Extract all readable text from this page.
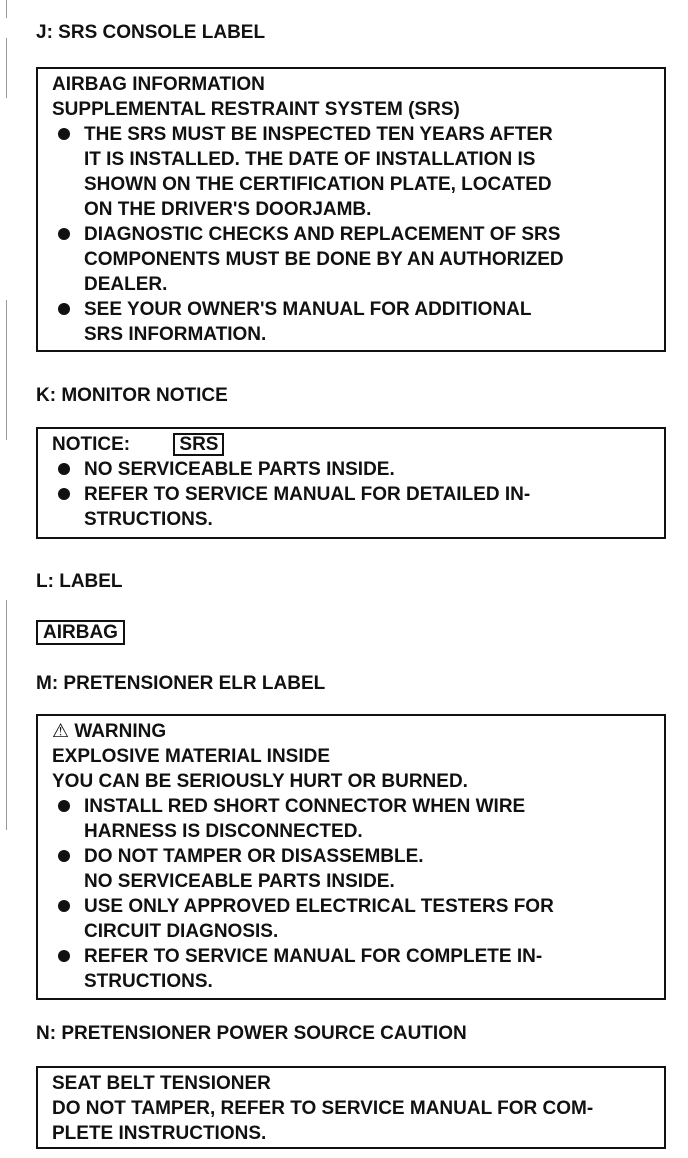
J: SRS CONSOLE LABEL
AIRBAG INFORMATION
SUPPLEMENTAL RESTRAINT SYSTEM (SRS)
THE SRS MUST BE INSPECTED TEN YEARS AFTER
IT IS INSTALLED. THE DATE OF INSTALLATION IS
SHOWN ON THE CERTIFICATION PLATE, LOCATED
ON THE DRIVER'S DOORJAMB.
DIAGNOSTIC CHECKS AND REPLACEMENT OF SRS
COMPONENTS MUST BE DONE BY AN AUTHORIZED
DEALER.
SEE YOUR OWNER'S MANUAL FOR ADDITIONAL
SRS INFORMATION.
K: MONITOR NOTICE
NOTICE:	SRS
NO SERVICEABLE PARTS INSIDE.
REFER TO SERVICE MANUAL FOR DETAILED IN-
STRUCTIONS.
L: LABEL
AIRBAG
M: PRETENSIONER ELR LABEL
⚠ WARNING
EXPLOSIVE MATERIAL INSIDE
YOU CAN BE SERIOUSLY HURT OR BURNED.
INSTALL RED SHORT CONNECTOR WHEN WIRE
HARNESS IS DISCONNECTED.
DO NOT TAMPER OR DISASSEMBLE.
NO SERVICEABLE PARTS INSIDE.
USE ONLY APPROVED ELECTRICAL TESTERS FOR
CIRCUIT DIAGNOSIS.
REFER TO SERVICE MANUAL FOR COMPLETE IN-
STRUCTIONS.
N: PRETENSIONER POWER SOURCE CAUTION
SEAT BELT TENSIONER
DO NOT TAMPER, REFER TO SERVICE MANUAL FOR COM-
PLETE INSTRUCTIONS.
